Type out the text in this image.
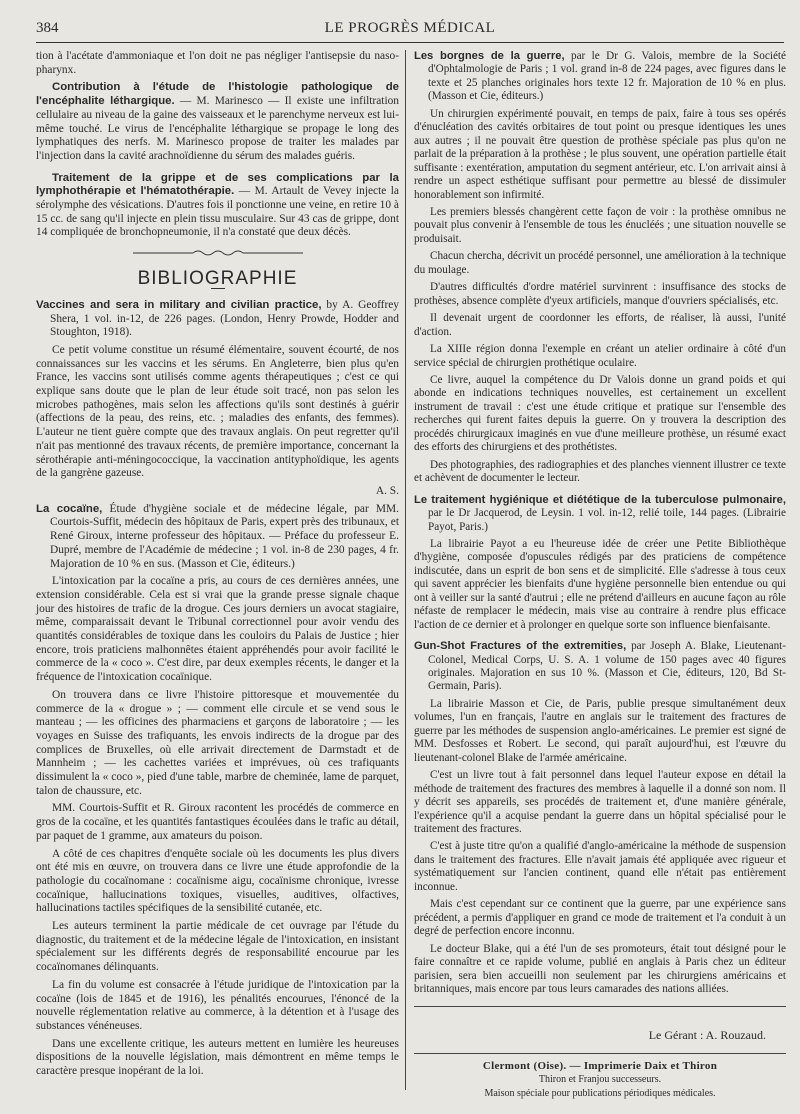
384	LE PROGRÈS MÉDICAL

tion à l'acétate d'ammoniaque et l'on doit ne pas négliger l'antisepsie du naso-pharynx.

Contribution à l'étude de l'histologie pathologique de l'encéphalite léthargique. — M. Marinesco — Il existe une infiltration cellulaire au niveau de la gaine des vaisseaux et le parenchyme nerveux est lui-même touché. Le virus de l'encéphalite léthargique se propage le long des lymphatiques des nerfs. M. Marinesco propose de traiter les malades par l'injection dans la cavité arachnoïdienne du sérum des malades guéris.

Traitement de la grippe et de ses complications par la lymphothérapie et l'hématothérapie. — M. Artault de Vevey injecte la sérolymphe des vésications. D'autres fois il ponctionne une veine, en retire 10 à 15 cc. de sang qu'il injecte en plein tissu musculaire. Sur 43 cas de grippe, dont 14 compliquée de bronchopneumonie, il n'a constaté que deux décès.

BIBLIOGRAPHIE

Vaccines and sera in military and civilian practice, by A. Geoffrey Shera, 1 vol. in-12, de 226 pages. (London, Henry Prowde, Hodder and Stoughton, 1918).

Ce petit volume constitue un résumé élémentaire, souvent écourté, de nos connaissances sur les vaccins et les sérums. En Angleterre, bien plus qu'en France, les vaccins sont utilisés comme agents thérapeutiques ; c'est ce qui explique sans doute que le plan de leur étude soit tracé, non pas selon les microbes pathogènes, mais selon les affections qu'ils sont destinés à guérir (affections de la peau, des reins, etc. ; maladies des enfants, des femmes). L'auteur ne tient guère compte que des travaux anglais. On peut regretter qu'il n'ait pas mentionné des travaux récents, de première importance, concernant la sérothérapie anti-méningococcique, la vaccination antityphoïdique, les agents de la gangrène gazeuse.

A. S.

La cocaïne, Étude d'hygiène sociale et de médecine légale, par MM. Courtois-Suffit, médecin des hôpitaux de Paris, expert près des tribunaux, et René Giroux, interne professeur des hôpitaux. — Préface du professeur E. Dupré, membre de l'Académie de médecine ; 1 vol. in-8 de 230 pages, 4 fr. Majoration de 10 % en sus. (Masson et Cie, éditeurs.)

L'intoxication par la cocaïne a pris, au cours de ces dernières années, une extension considérable. Cela est si vrai que la grande presse signale chaque jour des histoires de trafic de la drogue. Ces jours derniers un avocat stagiaire, même, comparaissait devant le Tribunal correctionnel pour avoir vendu des quantités considérables de toxique dans les couloirs du Palais de Justice ; hier encore, trois praticiens malhonnêtes étaient appréhendés pour avoir facilité le commerce de la « coco ». C'est dire, par deux exemples récents, le danger et la fréquence de l'intoxication cocaïnique.

On trouvera dans ce livre l'histoire pittoresque et mouvementée du commerce de la « drogue » ; — comment elle circule et se vend sous le manteau ; — les officines des pharmaciens et garçons de laboratoire ; — les voyages en Suisse des trafiquants, les envois indirects de la drogue par des complices de Bruxelles, où elle arrivait directement de Darmstadt et de Mannheim ; — les cachettes variées et imprévues, où ces trafiquants dissimulent la « coco », pied d'une table, marbre de cheminée, lame de parquet, talon de chaussure, etc.

MM. Courtois-Suffit et R. Giroux racontent les procédés de commerce en gros de la cocaïne, et les quantités fantastiques écoulées dans le trafic au détail, par paquet de 1 gramme, aux amateurs du poison.

A côté de ces chapitres d'enquête sociale où les documents les plus divers ont été mis en œuvre, on trouvera dans ce livre une étude approfondie de la pathologie du cocaïnomane : cocaïnisme aigu, cocaïnisme chronique, ivresse cocaïnique, hallucinations toxiques, visuelles, auditives, olfactives, hallucinations tactiles spécifiques de la sensibilité cutanée, etc.

Les auteurs terminent la partie médicale de cet ouvrage par l'étude du diagnostic, du traitement et de la médecine légale de l'intoxication, en insistant spécialement sur les différents degrés de responsabilité encourue par les cocaïnomanes délinquants.

La fin du volume est consacrée à l'étude juridique de l'intoxication par la cocaïne (lois de 1845 et de 1916), les pénalités encourues, l'énoncé de la nouvelle réglementation relative au commerce, à la détention et à l'usage des substances vénéneuses.

Dans une excellente critique, les auteurs mettent en lumière les heureuses dispositions de la nouvelle législation, mais démontrent en même temps le caractère presque inopérant de la loi.

Les borgnes de la guerre, par le Dr G. Valois, membre de la Société d'Ophtalmologie de Paris ; 1 vol. grand in-8 de 224 pages, avec figures dans le texte et 25 planches originales hors texte 12 fr. Majoration de 10 % en plus. (Masson et Cie, éditeurs.)

Un chirurgien expérimenté pouvait, en temps de paix, faire à tous ses opérés d'énucléation des cavités orbitaires de tout point ou presque identiques les unes aux autres ; il ne pouvait être question de prothèse spéciale pas plus qu'on ne parlait de la préparation à la prothèse ; le plus souvent, une opération partielle était suffisante : exentération, amputation du segment antérieur, etc. L'on arrivait ainsi à rendre un aspect esthétique suffisant pour permettre au blessé de dissimuler honorablement son infirmité.

Les premiers blessés changèrent cette façon de voir : la prothèse omnibus ne pouvait plus convenir à l'ensemble de tous les énucléés ; une situation nouvelle se produisait.

Chacun chercha, décrivit un procédé personnel, une amélioration à la technique du moulage.

D'autres difficultés d'ordre matériel survinrent : insuffisance des stocks de prothèses, absence complète d'yeux artificiels, manque d'ouvriers spécialisés, etc.

Il devenait urgent de coordonner les efforts, de réaliser, là aussi, l'unité d'action.

La XIIIe région donna l'exemple en créant un atelier ordinaire à côté d'un service spécial de chirurgien prothétique oculaire.

Ce livre, auquel la compétence du Dr Valois donne un grand poids et qui abonde en indications techniques nouvelles, est certainement un excellent instrument de travail : c'est une étude critique et pratique sur l'ensemble des recherches qui furent faites depuis la guerre. On y trouvera la description des procédés chirurgicaux imaginés en vue d'une meilleure prothèse, un résumé exact des efforts des chirurgiens et des prothétistes.

Des photographies, des radiographies et des planches viennent illustrer ce texte et achèvent de documenter le lecteur.

Le traitement hygiénique et diététique de la tuberculose pulmonaire, par le Dr Jacquerod, de Leysin. 1 vol. in-12, relié toile, 144 pages. (Librairie Payot, Paris.)

La librairie Payot a eu l'heureuse idée de créer une Petite Bibliothèque d'hygiène, composée d'opuscules rédigés par des praticiens de compétence indiscutée, dans un esprit de bon sens et de simplicité. Elle s'adresse à tous ceux qui savent apprécier les bienfaits d'une hygiène personnelle bien entendue ou qui ont à veiller sur la santé d'autrui ; elle ne prétend d'ailleurs en aucune façon au rôle néfaste de remplacer le médecin, mais vise au contraire à rendre plus efficace l'action de ce dernier et à prolonger en quelque sorte son influence bienfaisante.

Gun-Shot Fractures of the extremities, par Joseph A. Blake, Lieutenant-Colonel, Medical Corps, U. S. A. 1 volume de 150 pages avec 40 figures originales. Majoration en sus 10 %. (Masson et Cie, éditeurs, 120, Bd St-Germain, Paris).

La librairie Masson et Cie, de Paris, publie presque simultanément deux volumes, l'un en français, l'autre en anglais sur le traitement des fractures de guerre par les méthodes de suspension anglo-américaines. Le premier est signé de MM. Desfosses et Robert. Le second, qui paraît aujourd'hui, est l'œuvre du lieutenant-colonel Blake de l'armée américaine.

C'est un livre tout à fait personnel dans lequel l'auteur expose en détail la méthode de traitement des fractures des membres à laquelle il a donné son nom. Il y décrit ses appareils, ses procédés de traitement et, d'une manière générale, l'expérience qu'il a acquise pendant la guerre dans un hôpital spécialisé pour le traitement des fractures.

C'est à juste titre qu'on a qualifié d'anglo-américaine la méthode de suspension dans le traitement des fractures. Elle n'avait jamais été appliquée avec rigueur et systématiquement sur l'ancien continent, quand elle n'était pas entièrement inconnue.

Mais c'est cependant sur ce continent que la guerre, par une expérience sans précédent, a permis d'appliquer en grand ce mode de traitement et l'a conduit à un degré de perfection encore inconnu.

Le docteur Blake, qui a été l'un de ses promoteurs, était tout désigné pour le faire connaître et ce rapide volume, publié en anglais à Paris chez un éditeur parisien, sera bien accueilli non seulement par les chirurgiens américains et britanniques, mais encore par tous leurs camarades des nations alliées.

Le Gérant : A. Rouzaud.
Clermont (Oise). — Imprimerie Daix et Thiron
Thiron et Franjou successeurs.
Maison spéciale pour publications périodiques médicales.
